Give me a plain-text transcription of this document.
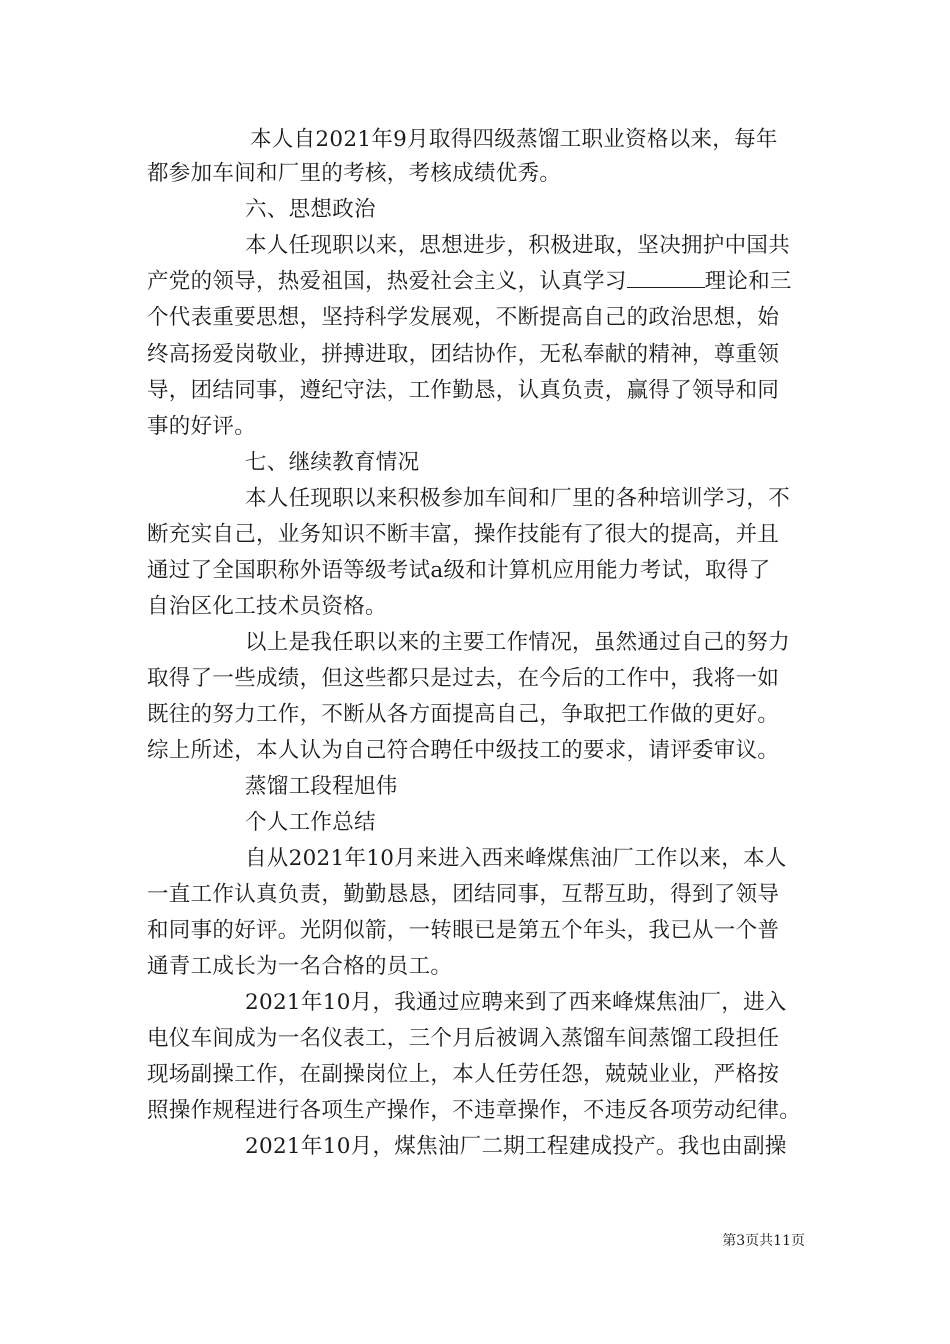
本人自2021年9月取得四级蒸馏工职业资格以来，每年
都参加车间和厂里的考核，考核成绩优秀。
六、思想政治
本人任现职以来，思想进步，积极进取，坚决拥护中国共
产党的领导，热爱祖国，热爱社会主义，认真学习	理论和三
个代表重要思想，坚持科学发展观，不断提高自己的政治思想，始
终高扬爱岗敬业，拼搏进取，团结协作，无私奉献的精神，尊重领
导，团结同事，遵纪守法，工作勤恳，认真负责，赢得了领导和同
事的好评。
七、继续教育情况
本人任现职以来积极参加车间和厂里的各种培训学习，不
断充实自己，业务知识不断丰富，操作技能有了很大的提高，并且
通过了全国职称外语等级考试a级和计算机应用能力考试，取得了
自治区化工技术员资格。
以上是我任职以来的主要工作情况，虽然通过自己的努力
取得了一些成绩，但这些都只是过去，在今后的工作中，我将一如
既往的努力工作，不断从各方面提高自己，争取把工作做的更好。
综上所述，本人认为自己符合聘任中级技工的要求，请评委审议。
蒸馏工段程旭伟
个人工作总结
自从2021年10月来进入西来峰煤焦油厂工作以来，本人
一直工作认真负责，勤勤恳恳，团结同事，互帮互助，得到了领导
和同事的好评。光阴似箭，一转眼已是第五个年头，我已从一个普
通青工成长为一名合格的员工。
2021年10月，我通过应聘来到了西来峰煤焦油厂，进入
电仪车间成为一名仪表工，三个月后被调入蒸馏车间蒸馏工段担任
现场副操工作，在副操岗位上，本人任劳任怨，兢兢业业，严格按
照操作规程进行各项生产操作，不违章操作，不违反各项劳动纪律。
2021年10月，煤焦油厂二期工程建成投产。我也由副操
第3页共11页
